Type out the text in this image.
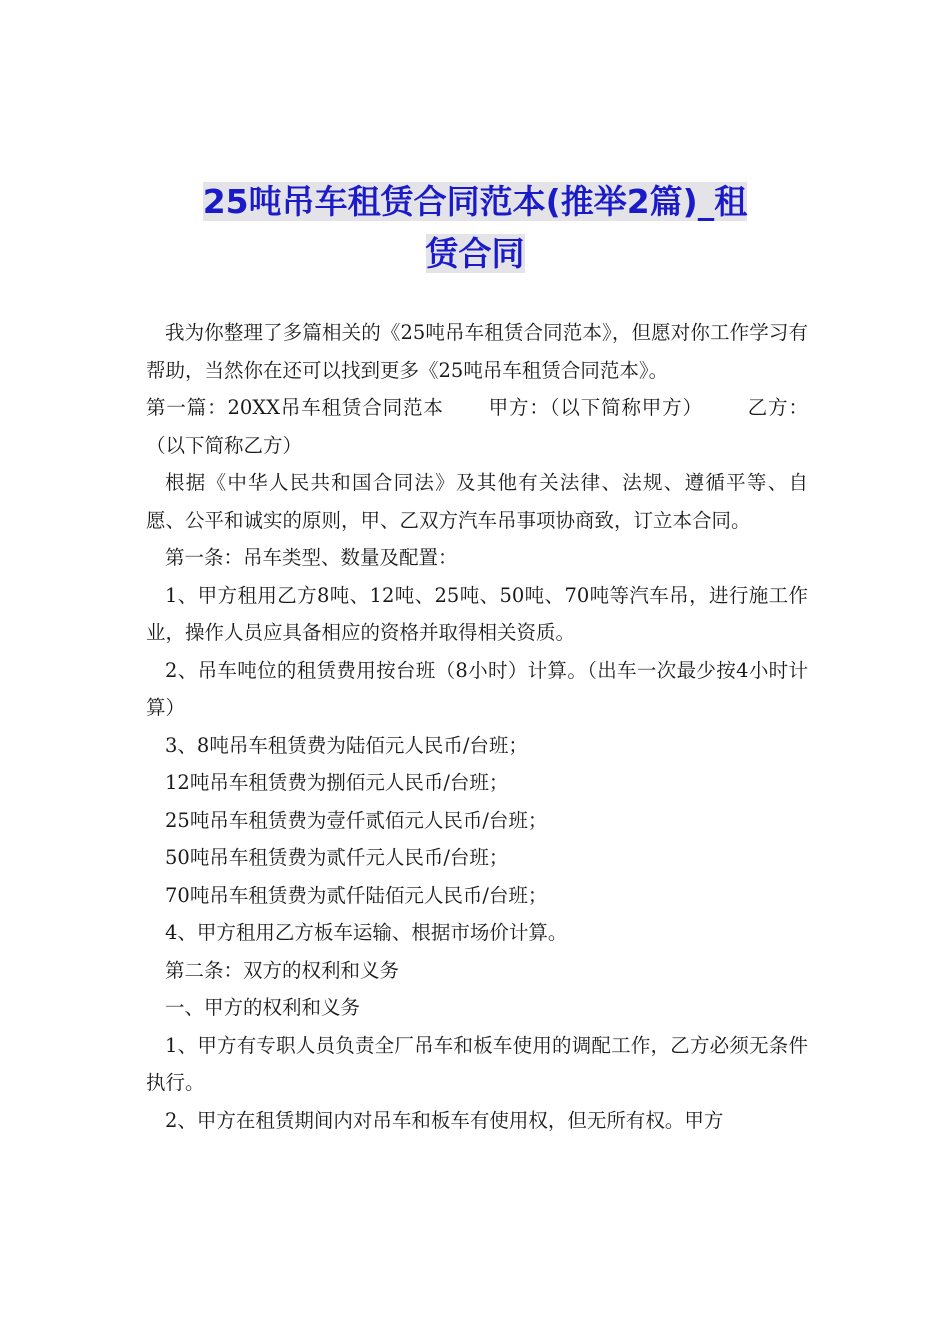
25吨吊车租赁合同范本(推举2篇)_租
赁合同

我为你整理了多篇相关的《25吨吊车租赁合同范本》，但愿对你工作学习有帮助，当然你在还可以找到更多《25吨吊车租赁合同范本》。

第一篇：20XX吊车租赁合同范本 甲方：（以下简称甲方） 乙方：（以下简称乙方）

根据《中华人民共和国合同法》及其他有关法律、法规、遵循平等、自愿、公平和诚实的原则，甲、乙双方汽车吊事项协商致，订立本合同。

第一条：吊车类型、数量及配置：

1、甲方租用乙方8吨、12吨、25吨、50吨、70吨等汽车吊，进行施工作业，操作人员应具备相应的资格并取得相关资质。

2、吊车吨位的租赁费用按台班（8小时）计算。（出车一次最少按4小时计算）

3、8吨吊车租赁费为陆佰元人民币/台班；

12吨吊车租赁费为捌佰元人民币/台班；

25吨吊车租赁费为壹仟贰佰元人民币/台班；

50吨吊车租赁费为贰仟元人民币/台班；

70吨吊车租赁费为贰仟陆佰元人民币/台班；

4、甲方租用乙方板车运输、根据市场价计算。

第二条：双方的权利和义务

一、甲方的权利和义务

1、甲方有专职人员负责全厂吊车和板车使用的调配工作，乙方必须无条件执行。

2、甲方在租赁期间内对吊车和板车有使用权，但无所有权。甲方
